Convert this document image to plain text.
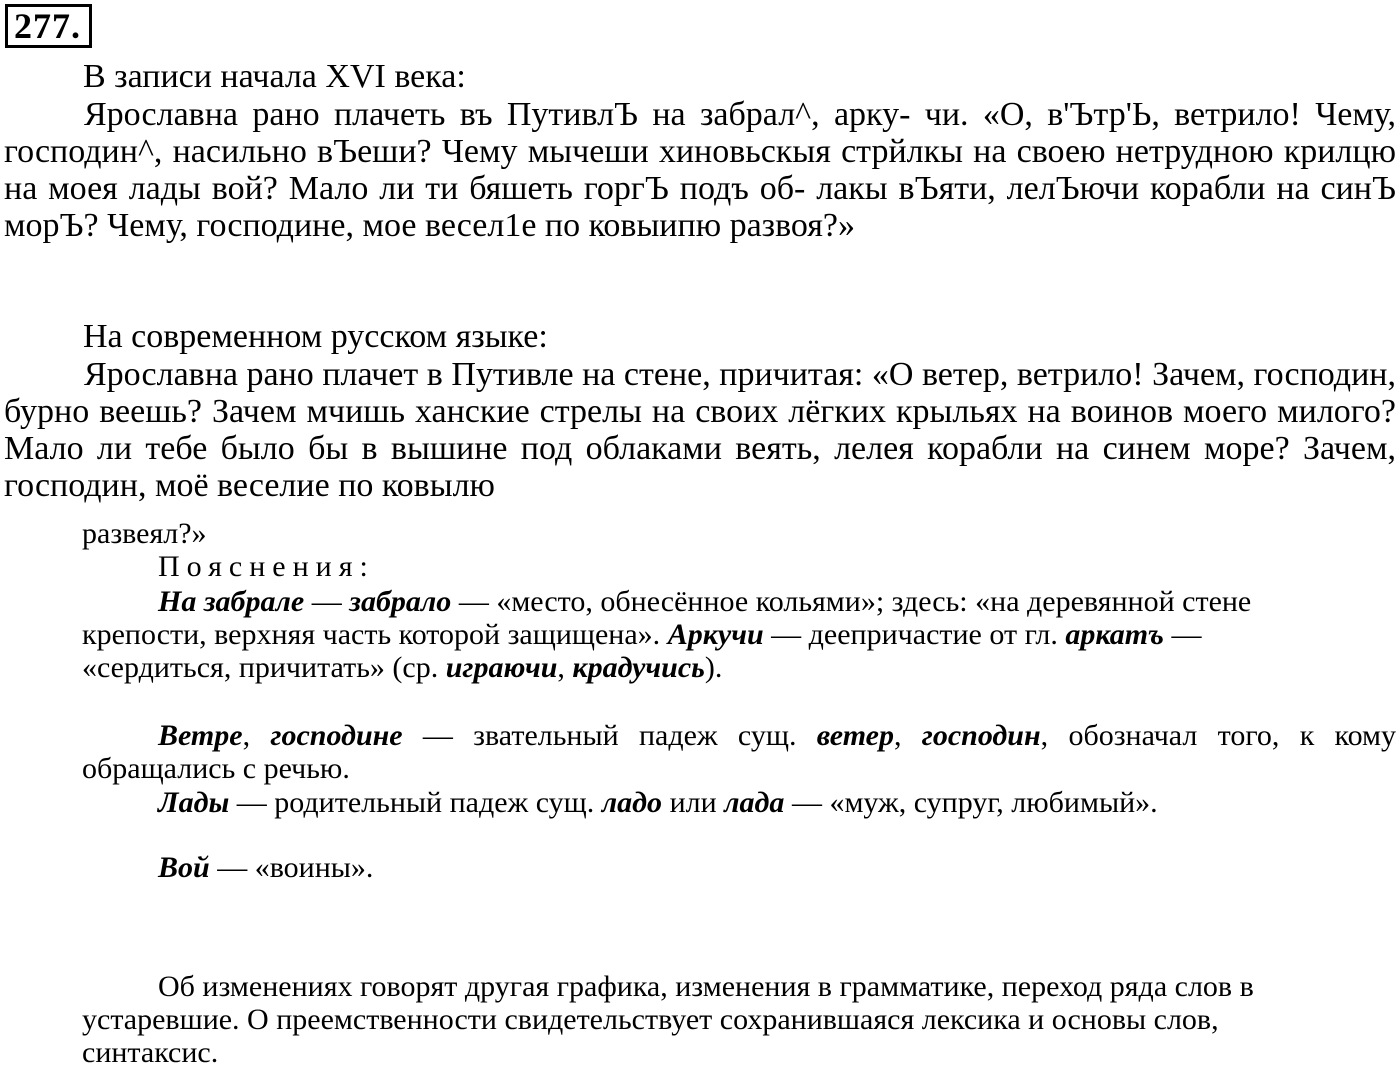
277.
В записи начала XVI века:
Ярославна рано плачеть въ ПутивлЪ на забрал^, арку- чи. «О, в'Ътр'Ь, ветрило! Чему, господин^, насильно вЪеши? Чему мычеши хиновьскыя стрйлкы на своею нетрудною крилцю на моея лады вой? Мало ли ти бяшеть горгЪ подъ об- лакы вЪяти, лелЪючи корабли на синЪ морЪ? Чему, господине, мое весел1е по ковыипю развоя?»
На современном русском языке:
Ярославна рано плачет в Путивле на стене, причитая: «О ветер, ветрило! Зачем, господин, бурно веешь? Зачем мчишь ханские стрелы на своих лёгких крыльях на воинов моего милого? Мало ли тебе было бы в вышине под облаками веять, лелея корабли на синем море? Зачем, господин, моё веселие по ковылю
развеял?»
Пояснения:
На забрале — забрало — «место, обнесённое кольями»; здесь: «на деревянной стене крепости, верхняя часть которой защищена». Аркучи — деепричастие от гл. аркатъ — «сердиться, причитать» (ср. играючи, крадучись).
Ветре, господине — звательный падеж сущ. ветер, господин, обозначал того, к кому обращались с речью.
Лады — родительный падеж сущ. ладо или лада — «муж, супруг, любимый».
Вой — «воины».
Об изменениях говорят другая графика, изменения в грамматике, переход ряда слов в устаревшие. О преемственности свидетельствует сохранившаяся лексика и основы слов, синтаксис.
